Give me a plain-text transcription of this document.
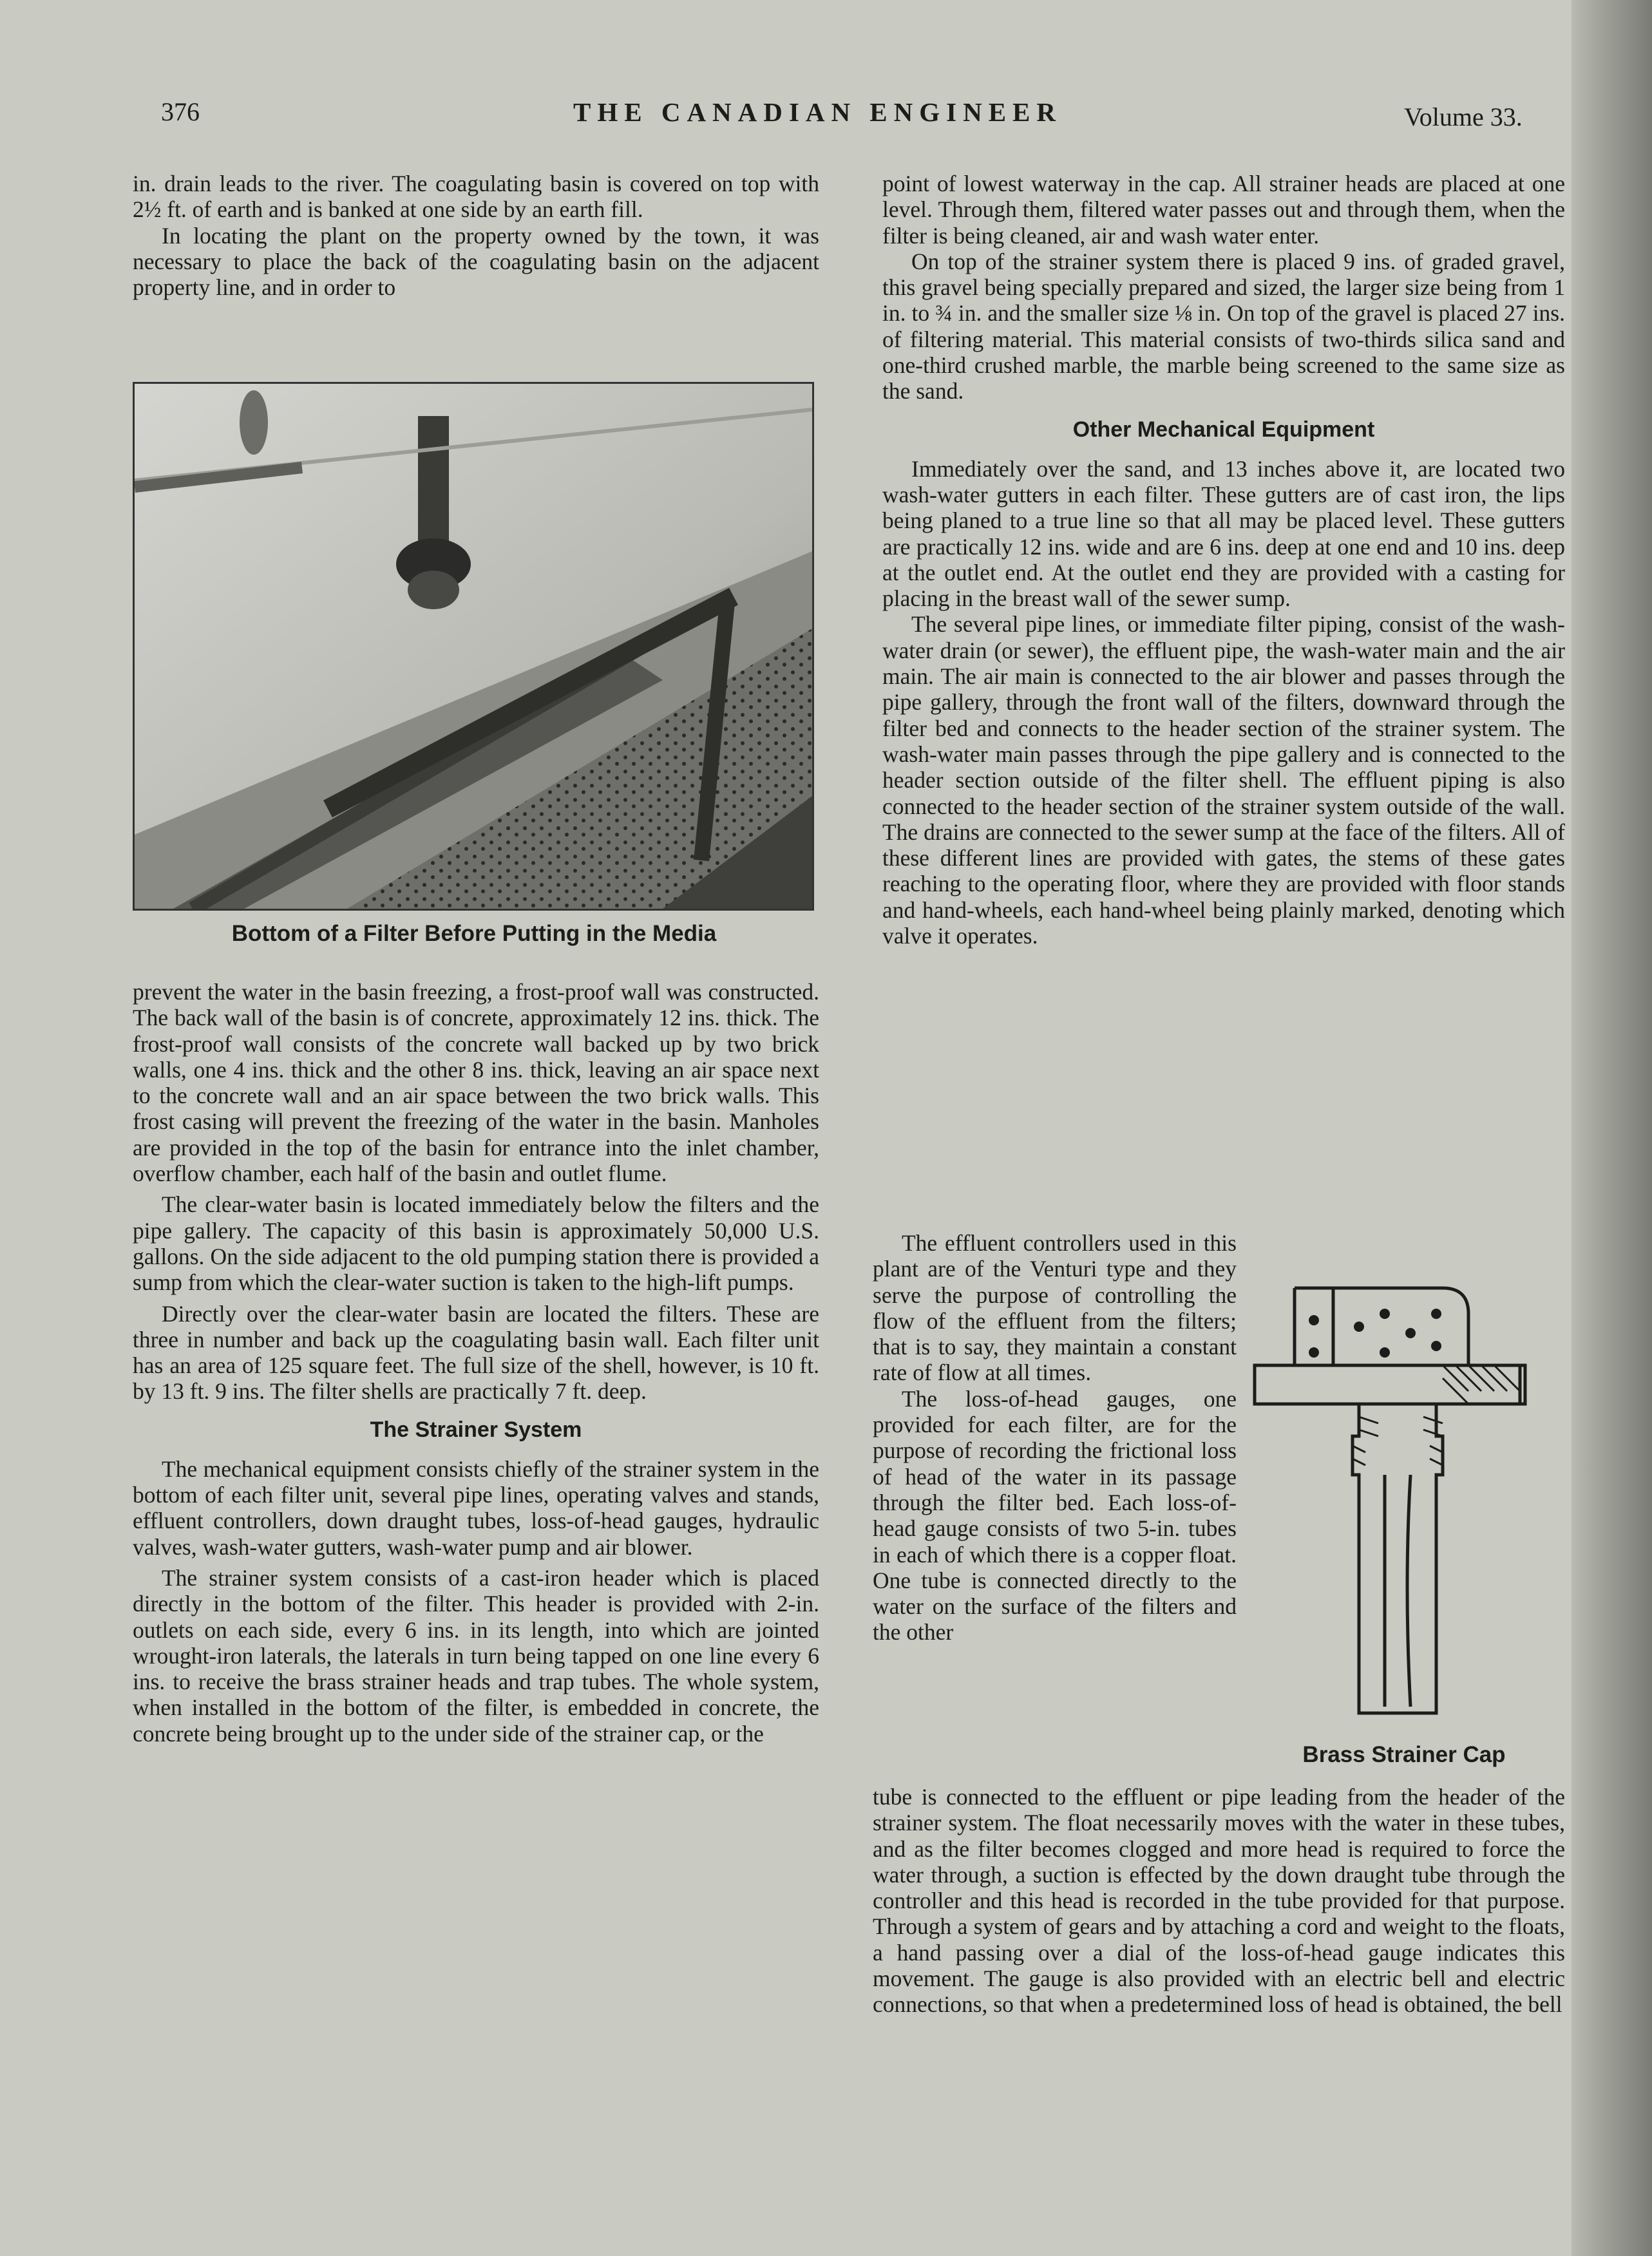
376	THE CANADIAN ENGINEER	Volume 33.

in. drain leads to the river. The coagulating basin is covered on top with 2½ ft. of earth and is banked at one side by an earth fill.

In locating the plant on the property owned by the town, it was necessary to place the back of the coagulating basin on the adjacent property line, and in order to

Bottom of a Filter Before Putting in the Media

prevent the water in the basin freezing, a frost-proof wall was constructed. The back wall of the basin is of concrete, approximately 12 ins. thick. The frost-proof wall consists of the concrete wall backed up by two brick walls, one 4 ins. thick and the other 8 ins. thick, leaving an air space next to the concrete wall and an air space between the two brick walls. This frost casing will prevent the freezing of the water in the basin. Manholes are provided in the top of the basin for entrance into the inlet chamber, overflow chamber, each half of the basin and outlet flume.

The clear-water basin is located immediately below the filters and the pipe gallery. The capacity of this basin is approximately 50,000 U.S. gallons. On the side adjacent to the old pumping station there is provided a sump from which the clear-water suction is taken to the high-lift pumps.

Directly over the clear-water basin are located the filters. These are three in number and back up the coagulating basin wall. Each filter unit has an area of 125 square feet. The full size of the shell, however, is 10 ft. by 13 ft. 9 ins. The filter shells are practically 7 ft. deep.

The Strainer System

The mechanical equipment consists chiefly of the strainer system in the bottom of each filter unit, several pipe lines, operating valves and stands, effluent controllers, down draught tubes, loss-of-head gauges, hydraulic valves, wash-water gutters, wash-water pump and air blower.

The strainer system consists of a cast-iron header which is placed directly in the bottom of the filter. This header is provided with 2-in. outlets on each side, every 6 ins. in its length, into which are jointed wrought-iron laterals, the laterals in turn being tapped on one line every 6 ins. to receive the brass strainer heads and trap tubes. The whole system, when installed in the bottom of the filter, is embedded in concrete, the concrete being brought up to the under side of the strainer cap, or the

point of lowest waterway in the cap. All strainer heads are placed at one level. Through them, filtered water passes out and through them, when the filter is being cleaned, air and wash water enter.

On top of the strainer system there is placed 9 ins. of graded gravel, this gravel being specially prepared and sized, the larger size being from 1 in. to ¾ in. and the smaller size ⅛ in. On top of the gravel is placed 27 ins. of filtering material. This material consists of two-thirds silica sand and one-third crushed marble, the marble being screened to the same size as the sand.

Other Mechanical Equipment

Immediately over the sand, and 13 inches above it, are located two wash-water gutters in each filter. These gutters are of cast iron, the lips being planed to a true line so that all may be placed level. These gutters are practically 12 ins. wide and are 6 ins. deep at one end and 10 ins. deep at the outlet end. At the outlet end they are provided with a casting for placing in the breast wall of the sewer sump.

The several pipe lines, or immediate filter piping, consist of the wash-water drain (or sewer), the effluent pipe, the wash-water main and the air main. The air main is connected to the air blower and passes through the pipe gallery, through the front wall of the filters, downward through the filter bed and connects to the header section of the strainer system. The wash-water main passes through the pipe gallery and is connected to the header section outside of the filter shell. The effluent piping is also connected to the header section of the strainer system outside of the wall. The drains are connected to the sewer sump at the face of the filters. All of these different lines are provided with gates, the stems of these gates reaching to the operating floor, where they are provided with floor stands and hand-wheels, each hand-wheel being plainly marked, denoting which valve it operates.

The effluent controllers used in this plant are of the Venturi type and they serve the purpose of controlling the flow of the effluent from the filters; that is to say, they maintain a constant rate of flow at all times.

The loss-of-head gauges, one provided for each filter, are for the purpose of recording the frictional loss of head of the water in its passage through the filter bed. Each loss-of-head gauge consists of two 5-in. tubes in each of which there is a copper float. One tube is connected directly to the water on the surface of the filters and the other

Brass Strainer Cap

tube is connected to the effluent or pipe leading from the header of the strainer system. The float necessarily moves with the water in these tubes, and as the filter becomes clogged and more head is required to force the water through, a suction is effected by the down draught tube through the controller and this head is recorded in the tube provided for that purpose. Through a system of gears and by attaching a cord and weight to the floats, a hand passing over a dial of the loss-of-head gauge indicates this movement. The gauge is also provided with an electric bell and electric connections, so that when a predetermined loss of head is obtained, the bell
